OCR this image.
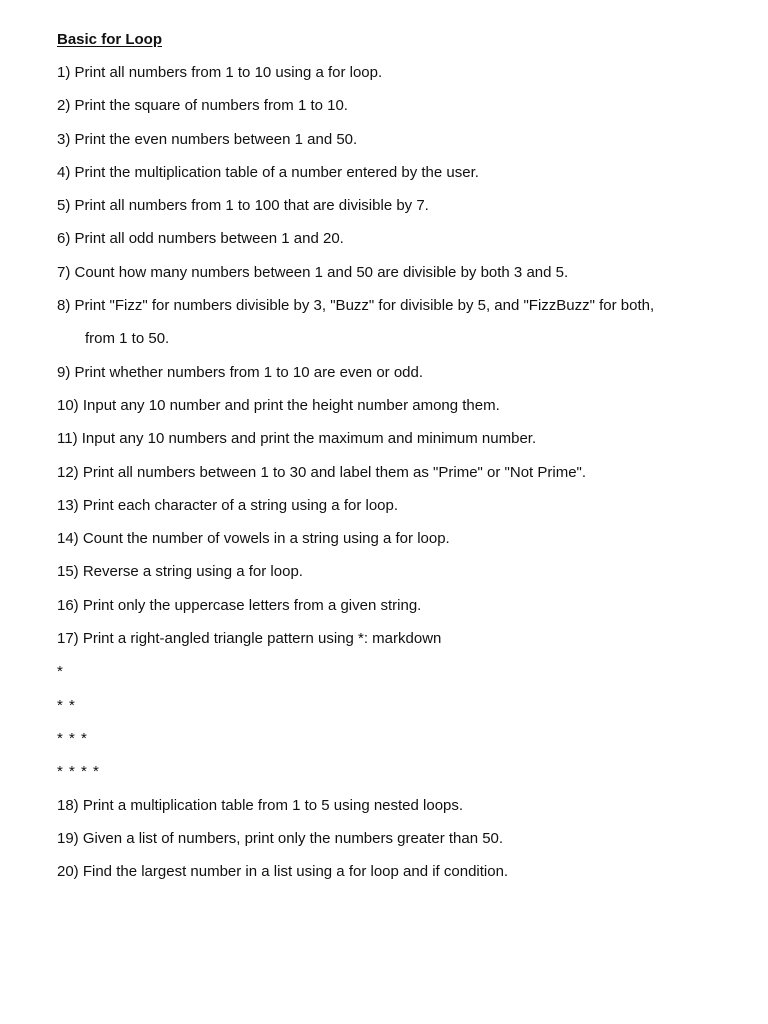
Basic for Loop
1) Print all numbers from 1 to 10 using a for loop.
2) Print the square of numbers from 1 to 10.
3) Print the even numbers between 1 and 50.
4) Print the multiplication table of a number entered by the user.
5) Print all numbers from 1 to 100 that are divisible by 7.
6) Print all odd numbers between 1 and 20.
7) Count how many numbers between 1 and 50 are divisible by both 3 and 5.
8) Print "Fizz" for numbers divisible by 3, "Buzz" for divisible by 5, and "FizzBuzz" for both,
from 1 to 50.
9) Print whether numbers from 1 to 10 are even or odd.
10) Input any 10 number and print the height number among them.
11) Input any 10 numbers and print the maximum and minimum number.
12) Print all numbers between 1 to 30 and label them as "Prime" or "Not Prime".
13) Print each character of a string using a for loop.
14) Count the number of vowels in a string using a for loop.
15) Reverse a string using a for loop.
16) Print only the uppercase letters from a given string.
17) Print a right-angled triangle pattern using *: markdown
*
* *
* * *
* * * *
18) Print a multiplication table from 1 to 5 using nested loops.
19) Given a list of numbers, print only the numbers greater than 50.
20) Find the largest number in a list using a for loop and if condition.
